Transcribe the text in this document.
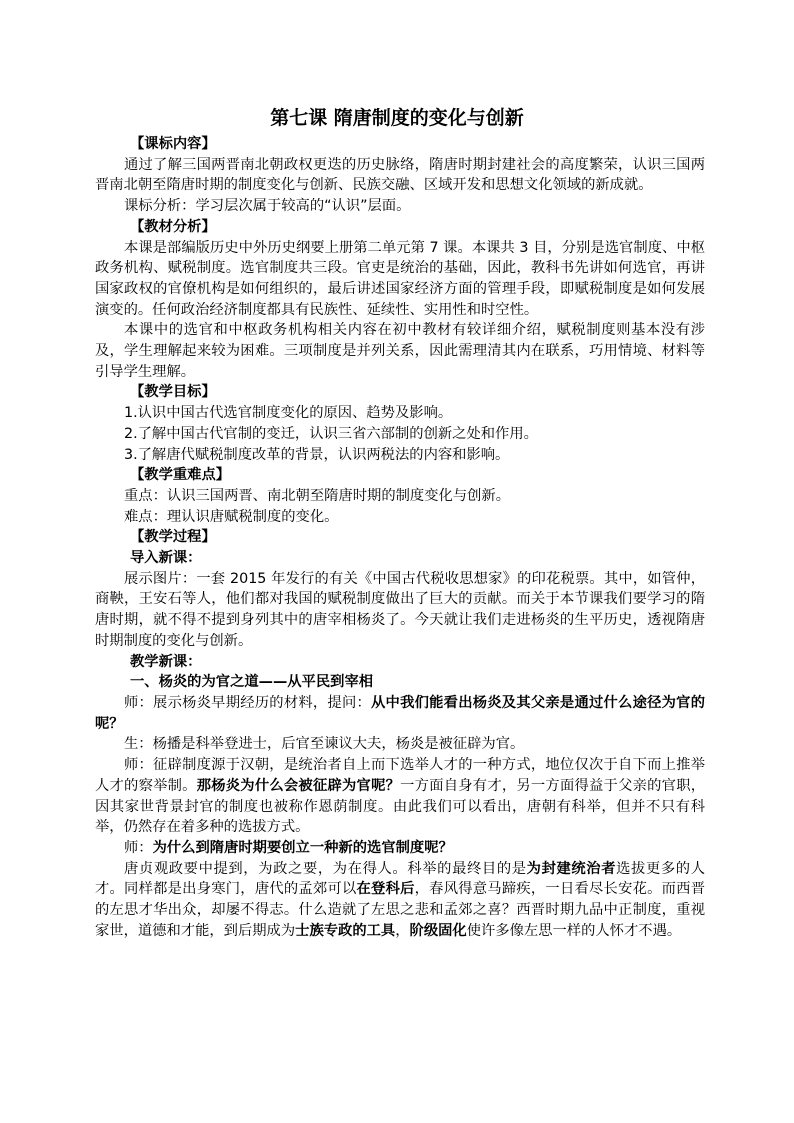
第七课 隋唐制度的变化与创新

【课标内容】

通过了解三国两晋南北朝政权更迭的历史脉络，隋唐时期封建社会的高度繁荣，认识三国两晋南北朝至隋唐时期的制度变化与创新、民族交融、区域开发和思想文化领域的新成就。

课标分析：学习层次属于较高的“认识”层面。

【教材分析】

本课是部编版历史中外历史纲要上册第二单元第 7 课。本课共 3 目，分别是选官制度、中枢政务机构、赋税制度。选官制度共三段。官吏是统治的基础，因此，教科书先讲如何选官，再讲国家政权的官僚机构是如何组织的，最后讲述国家经济方面的管理手段，即赋税制度是如何发展演变的。任何政治经济制度都具有民族性、延续性、实用性和时空性。

本课中的选官和中枢政务机构相关内容在初中教材有较详细介绍，赋税制度则基本没有涉及，学生理解起来较为困难。三项制度是并列关系，因此需理清其内在联系，巧用情境、材料等引导学生理解。

【教学目标】

1.认识中国古代选官制度变化的原因、趋势及影响。

2.了解中国古代官制的变迁，认识三省六部制的创新之处和作用。

3.了解唐代赋税制度改革的背景，认识两税法的内容和影响。

【教学重难点】

重点：认识三国两晋、南北朝至隋唐时期的制度变化与创新。

难点：理认识唐赋税制度的变化。

【教学过程】

导入新课：

展示图片：一套 2015 年发行的有关《中国古代税收思想家》的印花税票。其中，如管仲，商鞅，王安石等人，他们都对我国的赋税制度做出了巨大的贡献。而关于本节课我们要学习的隋唐时期，就不得不提到身列其中的唐宰相杨炎了。今天就让我们走进杨炎的生平历史，透视隋唐时期制度的变化与创新。

教学新课：

一、杨炎的为官之道——从平民到宰相

师：展示杨炎早期经历的材料，提问：从中我们能看出杨炎及其父亲是通过什么途径为官的呢？

生：杨播是科举登进士，后官至谏议大夫，杨炎是被征辟为官。

师：征辟制度源于汉朝，是统治者自上而下选举人才的一种方式，地位仅次于自下而上推举人才的察举制。那杨炎为什么会被征辟为官呢？一方面自身有才，另一方面得益于父亲的官职，因其家世背景封官的制度也被称作恩荫制度。由此我们可以看出，唐朝有科举，但并不只有科举，仍然存在着多种的选拔方式。

师：为什么到隋唐时期要创立一种新的选官制度呢？

唐贞观政要中提到，为政之要，为在得人。科举的最终目的是为封建统治者选拔更多的人才。同样都是出身寒门，唐代的孟郊可以在登科后，春风得意马蹄疾，一日看尽长安花。而西晋的左思才华出众，却屡不得志。什么造就了左思之悲和孟郊之喜？西晋时期九品中正制度，重视家世，道德和才能，到后期成为士族专政的工具，阶级固化使许多像左思一样的人怀才不遇。
